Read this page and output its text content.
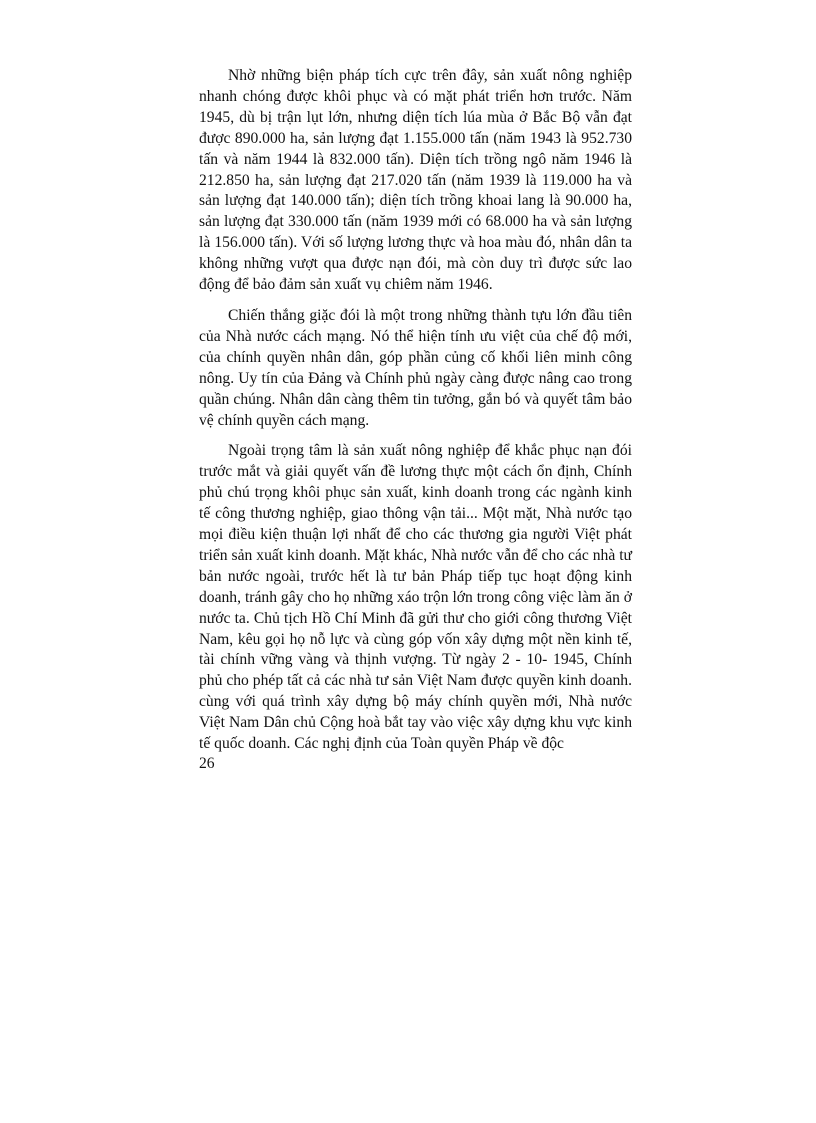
Nhờ những biện pháp tích cực trên đây, sản xuất nông nghiệp nhanh chóng được khôi phục và có mặt phát triển hơn trước. Năm 1945, dù bị trận lụt lớn, nhưng diện tích lúa mùa ở Bắc Bộ vẫn đạt được 890.000 ha, sản lượng đạt 1.155.000 tấn (năm 1943 là 952.730 tấn và năm 1944 là 832.000 tấn). Diện tích trồng ngô năm 1946 là 212.850 ha, sản lượng đạt 217.020 tấn (năm 1939 là 119.000 ha và sản lượng đạt 140.000 tấn); diện tích trồng khoai lang là 90.000 ha, sản lượng đạt 330.000 tấn (năm 1939 mới có 68.000 ha và sản lượng là 156.000 tấn). Với số lượng lương thực và hoa màu đó, nhân dân ta không những vượt qua được nạn đói, mà còn duy trì được sức lao động để bảo đảm sản xuất vụ chiêm năm 1946.

Chiến thắng giặc đói là một trong những thành tựu lớn đầu tiên của Nhà nước cách mạng. Nó thể hiện tính ưu việt của chế độ mới, của chính quyền nhân dân, góp phần củng cố khối liên minh công nông. Uy tín của Đảng và Chính phủ ngày càng được nâng cao trong quần chúng. Nhân dân càng thêm tin tưởng, gắn bó và quyết tâm bảo vệ chính quyền cách mạng.

Ngoài trọng tâm là sản xuất nông nghiệp để khắc phục nạn đói trước mắt và giải quyết vấn đề lương thực một cách ổn định, Chính phủ chú trọng khôi phục sản xuất, kinh doanh trong các ngành kinh tế công thương nghiệp, giao thông vận tải... Một mặt, Nhà nước tạo mọi điều kiện thuận lợi nhất để cho các thương gia người Việt phát triển sản xuất kinh doanh. Mặt khác, Nhà nước vẫn để cho các nhà tư bản nước ngoài, trước hết là tư bản Pháp tiếp tục hoạt động kinh doanh, tránh gây cho họ những xáo trộn lớn trong công việc làm ăn ở nước ta. Chủ tịch Hồ Chí Minh đã gửi thư cho giới công thương Việt Nam, kêu gọi họ nỗ lực và cùng góp vốn xây dựng một nền kinh tế, tài chính vững vàng và thịnh vượng. Từ ngày 2 - 10- 1945, Chính phủ cho phép tất cả các nhà tư sản Việt Nam được quyền kinh doanh. cùng với quá trình xây dựng bộ máy chính quyền mới, Nhà nước Việt Nam Dân chủ Cộng hoà bắt tay vào việc xây dựng khu vực kinh tế quốc doanh. Các nghị định của Toàn quyền Pháp về độc

26
